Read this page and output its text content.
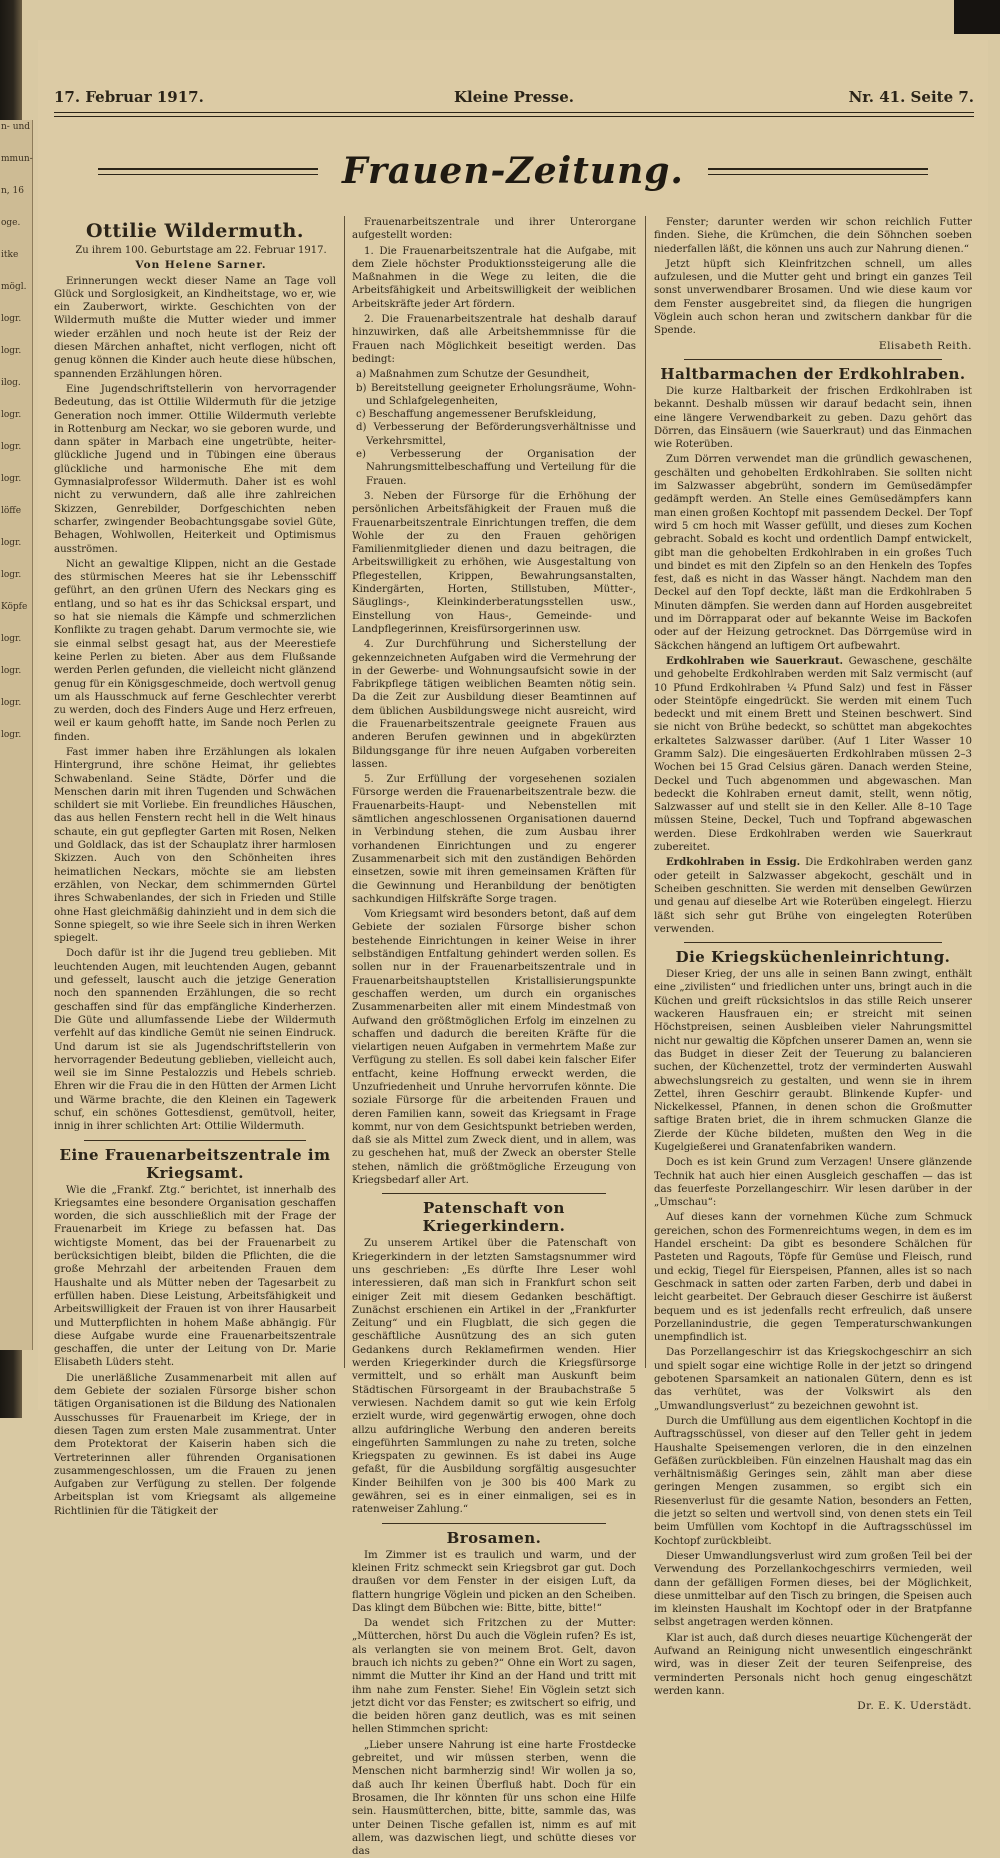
17. Februar 1917.	Kleine Presse.	Nr. 41. Seite 7.
Frauen-Zeitung.
Ottilie Wildermuth.

Zu ihrem 100. Geburtstage am 22. Februar 1917.

Von Helene Sarner.

Erinnerungen weckt dieser Name an Tage voll Glück und Sorglosigkeit, an Kindheitstage, wo er, wie ein Zauberwort, wirkte. Geschichten von der Wildermuth mußte die Mutter wieder und immer wieder erzählen und noch heute ist der Reiz der diesen Märchen anhaftet, nicht verflogen, nicht oft genug können die Kinder auch heute diese hübschen, spannenden Erzählungen hören.

Eine Jugendschriftstellerin von hervorragender Bedeutung, das ist Ottilie Wildermuth für die jetzige Generation noch immer. Ottilie Wildermuth verlebte in Rottenburg am Neckar, wo sie geboren wurde, und dann später in Marbach eine ungetrübte, heiter-glückliche Jugend und in Tübingen eine überaus glückliche und harmonische Ehe mit dem Gymnasialprofessor Wildermuth. Daher ist es wohl nicht zu verwundern, daß alle ihre zahlreichen Skizzen, Genrebilder, Dorfgeschichten neben scharfer, zwingender Beobachtungsgabe soviel Güte, Behagen, Wohlwollen, Heiterkeit und Optimismus ausströmen.

Nicht an gewaltige Klippen, nicht an die Gestade des stürmischen Meeres hat sie ihr Lebensschiff geführt, an den grünen Ufern des Neckars ging es entlang, und so hat es ihr das Schicksal erspart, und so hat sie niemals die Kämpfe und schmerzlichen Konflikte zu tragen gehabt. Darum vermochte sie, wie sie einmal selbst gesagt hat, aus der Meerestiefe keine Perlen zu bieten. Aber aus dem Flußsande werden Perlen gefunden, die vielleicht nicht glänzend genug für ein Königsgeschmeide, doch wertvoll genug um als Hausschmuck auf ferne Geschlechter vererbt zu werden, doch des Finders Auge und Herz erfreuen, weil er kaum gehofft hatte, im Sande noch Perlen zu finden.

Fast immer haben ihre Erzählungen als lokalen Hintergrund, ihre schöne Heimat, ihr geliebtes Schwabenland. Seine Städte, Dörfer und die Menschen darin mit ihren Tugenden und Schwächen schildert sie mit Vorliebe. Ein freundliches Häuschen, das aus hellen Fenstern recht hell in die Welt hinaus schaute, ein gut gepflegter Garten mit Rosen, Nelken und Goldlack, das ist der Schauplatz ihrer harmlosen Skizzen. Auch von den Schönheiten ihres heimatlichen Neckars, möchte sie am liebsten erzählen, von Neckar, dem schimmernden Gürtel ihres Schwabenlandes, der sich in Frieden und Stille ohne Hast gleichmäßig dahinzieht und in dem sich die Sonne spiegelt, so wie ihre Seele sich in ihren Werken spiegelt.

Doch dafür ist ihr die Jugend treu geblieben. Mit leuchtenden Augen, mit leuchtenden Augen, gebannt und gefesselt, lauscht auch die jetzige Generation noch den spannenden Erzählungen, die so recht geschaffen sind für das empfängliche Kinderherzen. Die Güte und allumfassende Liebe der Wildermuth verfehlt auf das kindliche Gemüt nie seinen Eindruck. Und darum ist sie als Jugendschriftstellerin von hervorragender Bedeutung geblieben, vielleicht auch, weil sie im Sinne Pestalozzis und Hebels schrieb. Ehren wir die Frau die in den Hütten der Armen Licht und Wärme brachte, die den Kleinen ein Tagewerk schuf, ein schönes Gottesdienst, gemütvoll, heiter, innig in ihrer schlichten Art: Ottilie Wildermuth.

Eine Frauenarbeitszentrale im Kriegsamt.

Wie die „Frankf. Ztg.“ berichtet, ist innerhalb des Kriegsamtes eine besondere Organisation geschaffen worden, die sich ausschließlich mit der Frage der Frauenarbeit im Kriege zu befassen hat. Das wichtigste Moment, das bei der Frauenarbeit zu berücksichtigen bleibt, bilden die Pflichten, die die große Mehrzahl der arbeitenden Frauen dem Haushalte und als Mütter neben der Tagesarbeit zu erfüllen haben. Diese Leistung, Arbeitsfähigkeit und Arbeitswilligkeit der Frauen ist von ihrer Hausarbeit und Mutterpflichten in hohem Maße abhängig. Für diese Aufgabe wurde eine Frauenarbeitszentrale geschaffen, die unter der Leitung von Dr. Marie Elisabeth Lüders steht.

Die unerläßliche Zusammenarbeit mit allen auf dem Gebiete der sozialen Fürsorge bisher schon tätigen Organisationen ist die Bildung des Nationalen Ausschusses für Frauenarbeit im Kriege, der in diesen Tagen zum ersten Male zusammentrat. Unter dem Protektorat der Kaiserin haben sich die Vertreterinnen aller führenden Organisationen zusammengeschlossen, um die Frauen zu jenen Aufgaben zur Verfügung zu stellen. Der folgende Arbeitsplan ist vom Kriegsamt als allgemeine Richtlinien für die Tätigkeit der

Frauenarbeitszentrale und ihrer Unterorgane aufgestellt worden:

1. Die Frauenarbeitszentrale hat die Aufgabe, mit dem Ziele höchster Produktionssteigerung alle die Maßnahmen in die Wege zu leiten, die die Arbeitsfähigkeit und Arbeitswilligkeit der weiblichen Arbeitskräfte jeder Art fördern.

2. Die Frauenarbeitszentrale hat deshalb darauf hinzuwirken, daß alle Arbeitshemmnisse für die Frauen nach Möglichkeit beseitigt werden. Das bedingt:

a) Maßnahmen zum Schutze der Gesundheit,
b) Bereitstellung geeigneter Erholungsräume, Wohn- und Schlafgelegenheiten,
c) Beschaffung angemessener Berufskleidung,
d) Verbesserung der Beförderungsverhältnisse und Verkehrsmittel,
e) Verbesserung der Organisation der Nahrungsmittelbeschaffung und Verteilung für die Frauen.

3. Neben der Fürsorge für die Erhöhung der persönlichen Arbeitsfähigkeit der Frauen muß die Frauenarbeitszentrale Einrichtungen treffen, die dem Wohle der zu den Frauen gehörigen Familienmitglieder dienen und dazu beitragen, die Arbeitswilligkeit zu erhöhen, wie Ausgestaltung von Pflegestellen, Krippen, Bewahrungsanstalten, Kindergärten, Horten, Stillstuben, Mütter-, Säuglings-, Kleinkinderberatungsstellen usw., Einstellung von Haus-, Gemeinde- und Landpflegerinnen, Kreisfürsorgerinnen usw.

4. Zur Durchführung und Sicherstellung der gekennzeichneten Aufgaben wird die Vermehrung der in der Gewerbe- und Wohnungsaufsicht sowie in der Fabrikpflege tätigen weiblichen Beamten nötig sein. Da die Zeit zur Ausbildung dieser Beamtinnen auf dem üblichen Ausbildungswege nicht ausreicht, wird die Frauenarbeitszentrale geeignete Frauen aus anderen Berufen gewinnen und in abgekürzten Bildungsgange für ihre neuen Aufgaben vorbereiten lassen.

5. Zur Erfüllung der vorgesehenen sozialen Fürsorge werden die Frauenarbeitszentrale bezw. die Frauenarbeits-Haupt- und Nebenstellen mit sämtlichen angeschlossenen Organisationen dauernd in Verbindung stehen, die zum Ausbau ihrer vorhandenen Einrichtungen und zu engerer Zusammenarbeit sich mit den zuständigen Behörden einsetzen, sowie mit ihren gemeinsamen Kräften für die Gewinnung und Heranbildung der benötigten sachkundigen Hilfskräfte Sorge tragen.

Vom Kriegsamt wird besonders betont, daß auf dem Gebiete der sozialen Fürsorge bisher schon bestehende Einrichtungen in keiner Weise in ihrer selbständigen Entfaltung gehindert werden sollen. Es sollen nur in der Frauenarbeitszentrale und in Frauenarbeitshauptstellen Kristallisierungspunkte geschaffen werden, um durch ein organisches Zusammenarbeiten aller mit einem Mindestmaß von Aufwand den größtmöglichen Erfolg im einzelnen zu schaffen und dadurch die bereiten Kräfte für die vielartigen neuen Aufgaben in vermehrtem Maße zur Verfügung zu stellen. Es soll dabei kein falscher Eifer entfacht, keine Hoffnung erweckt werden, die Unzufriedenheit und Unruhe hervorrufen könnte. Die soziale Fürsorge für die arbeitenden Frauen und deren Familien kann, soweit das Kriegsamt in Frage kommt, nur von dem Gesichtspunkt betrieben werden, daß sie als Mittel zum Zweck dient, und in allem, was zu geschehen hat, muß der Zweck an oberster Stelle stehen, nämlich die größtmögliche Erzeugung von Kriegsbedarf aller Art.

Patenschaft von Kriegerkindern.

Zu unserem Artikel über die Patenschaft von Kriegerkindern in der letzten Samstagsnummer wird uns geschrieben: „Es dürfte Ihre Leser wohl interessieren, daß man sich in Frankfurt schon seit einiger Zeit mit diesem Gedanken beschäftigt. Zunächst erschienen ein Artikel in der „Frankfurter Zeitung“ und ein Flugblatt, die sich gegen die geschäftliche Ausnützung des an sich guten Gedankens durch Reklamefirmen wenden. Hier werden Kriegerkinder durch die Kriegsfürsorge vermittelt, und so erhält man Auskunft beim Städtischen Fürsorgeamt in der Braubachstraße 5 verwiesen. Nachdem damit so gut wie kein Erfolg erzielt wurde, wird gegenwärtig erwogen, ohne doch allzu aufdringliche Werbung den anderen bereits eingeführten Sammlungen zu nahe zu treten, solche Kriegspaten zu gewinnen. Es ist dabei ins Auge gefaßt, für die Ausbildung sorgfältig ausgesuchter Kinder Beihilfen von je 300 bis 400 Mark zu gewähren, sei es in einer einmaligen, sei es in ratenweiser Zahlung.“

Brosamen.

Im Zimmer ist es traulich und warm, und der kleinen Fritz schmeckt sein Kriegsbrot gar gut. Doch draußen vor dem Fenster in der eisigen Luft, da flattern hungrige Vöglein und picken an den Scheiben. Das klingt dem Bübchen wie: Bitte, bitte, bitte!“

Da wendet sich Fritzchen zu der Mutter: „Mütterchen, hörst Du auch die Vöglein rufen? Es ist, als verlangten sie von meinem Brot. Gelt, davon brauch ich nichts zu geben?“ Ohne ein Wort zu sagen, nimmt die Mutter ihr Kind an der Hand und tritt mit ihm nahe zum Fenster. Siehe! Ein Vöglein setzt sich jetzt dicht vor das Fenster; es zwitschert so eifrig, und die beiden hören ganz deutlich, was es mit seinen hellen Stimmchen spricht:

„Lieber unsere Nahrung ist eine harte Frostdecke gebreitet, und wir müssen sterben, wenn die Menschen nicht barmherzig sind! Wir wollen ja so, daß auch Ihr keinen Überfluß habt. Doch für ein Brosamen, die Ihr könnten für uns schon eine Hilfe sein. Hausmütterchen, bitte, bitte, sammle das, was unter Deinen Tische gefallen ist, nimm es auf mit allem, was dazwischen liegt, und schütte dieses vor das

Fenster; darunter werden wir schon reichlich Futter finden. Siehe, die Krümchen, die dein Söhnchen soeben niederfallen läßt, die können uns auch zur Nahrung dienen.“

Jetzt hüpft sich Kleinfritzchen schnell, um alles aufzulesen, und die Mutter geht und bringt ein ganzes Teil sonst unverwendbarer Brosamen. Und wie diese kaum vor dem Fenster ausgebreitet sind, da fliegen die hungrigen Vöglein auch schon heran und zwitschern dankbar für die Spende.

Elisabeth Reith.

Haltbarmachen der Erdkohlraben.

Die kurze Haltbarkeit der frischen Erdkohlraben ist bekannt. Deshalb müssen wir darauf bedacht sein, ihnen eine längere Verwendbarkeit zu geben. Dazu gehört das Dörren, das Einsäuern (wie Sauerkraut) und das Einmachen wie Roterüben.

Zum Dörren verwendet man die gründlich gewaschenen, geschälten und gehobelten Erdkohlraben. Sie sollten nicht im Salzwasser abgebrüht, sondern im Gemüsedämpfer gedämpft werden. An Stelle eines Gemüsedämpfers kann man einen großen Kochtopf mit passendem Deckel. Der Topf wird 5 cm hoch mit Wasser gefüllt, und dieses zum Kochen gebracht. Sobald es kocht und ordentlich Dampf entwickelt, gibt man die gehobelten Erdkohlraben in ein großes Tuch und bindet es mit den Zipfeln so an den Henkeln des Topfes fest, daß es nicht in das Wasser hängt. Nachdem man den Deckel auf den Topf deckte, läßt man die Erdkohlraben 5 Minuten dämpfen. Sie werden dann auf Horden ausgebreitet und im Dörrapparat oder auf bekannte Weise im Backofen oder auf der Heizung getrocknet. Das Dörrgemüse wird in Säckchen hängend an luftigem Ort aufbewahrt.

Erdkohlraben wie Sauerkraut. Gewaschene, geschälte und gehobelte Erdkohlraben werden mit Salz vermischt (auf 10 Pfund Erdkohlraben ¼ Pfund Salz) und fest in Fässer oder Steintöpfe eingedrückt. Sie werden mit einem Tuch bedeckt und mit einem Brett und Steinen beschwert. Sind sie nicht von Brühe bedeckt, so schüttet man abgekochtes erkaltetes Salzwasser darüber. (Auf 1 Liter Wasser 10 Gramm Salz). Die eingesäuerten Erdkohlraben müssen 2–3 Wochen bei 15 Grad Celsius gären. Danach werden Steine, Deckel und Tuch abgenommen und abgewaschen. Man bedeckt die Kohlraben erneut damit, stellt, wenn nötig, Salzwasser auf und stellt sie in den Keller. Alle 8–10 Tage müssen Steine, Deckel, Tuch und Topfrand abgewaschen werden. Diese Erdkohlraben werden wie Sauerkraut zubereitet.

Erdkohlraben in Essig. Die Erdkohlraben werden ganz oder geteilt in Salzwasser abgekocht, geschält und in Scheiben geschnitten. Sie werden mit denselben Gewürzen und genau auf dieselbe Art wie Roterüben eingelegt. Hierzu läßt sich sehr gut Brühe von eingelegten Roterüben verwenden.

Die Kriegsküchenleinrichtung.

Dieser Krieg, der uns alle in seinen Bann zwingt, enthält eine „zivilisten“ und friedlichen unter uns, bringt auch in die Küchen und greift rücksichtslos in das stille Reich unserer wackeren Hausfrauen ein; er streicht mit seinen Höchstpreisen, seinen Ausbleiben vieler Nahrungsmittel nicht nur gewaltig die Köpfchen unserer Damen an, wenn sie das Budget in dieser Zeit der Teuerung zu balancieren suchen, der Küchenzettel, trotz der verminderten Auswahl abwechslungsreich zu gestalten, und wenn sie in ihrem Zettel, ihren Geschirr geraubt. Blinkende Kupfer- und Nickelkessel, Pfannen, in denen schon die Großmutter saftige Braten briet, die in ihrem schmucken Glanze die Zierde der Küche bildeten, mußten den Weg in die Kugelgießerei und Granatenfabriken wandern.

Doch es ist kein Grund zum Verzagen! Unsere glänzende Technik hat auch hier einen Ausgleich geschaffen — das ist das feuerfeste Porzellangeschirr. Wir lesen darüber in der „Umschau“:

Auf dieses kann der vornehmen Küche zum Schmuck gereichen, schon des Formenreichtums wegen, in dem es im Handel erscheint: Da gibt es besondere Schälchen für Pasteten und Ragouts, Töpfe für Gemüse und Fleisch, rund und eckig, Tiegel für Eierspeisen, Pfannen, alles ist so nach Geschmack in satten oder zarten Farben, derb und dabei in leicht gearbeitet. Der Gebrauch dieser Geschirre ist äußerst bequem und es ist jedenfalls recht erfreulich, daß unsere Porzellanindustrie, die gegen Temperaturschwankungen unempfindlich ist.

Das Porzellangeschirr ist das Kriegskochgeschirr an sich und spielt sogar eine wichtige Rolle in der jetzt so dringend gebotenen Sparsamkeit an nationalen Gütern, denn es ist das verhütet, was der Volkswirt als den „Umwandlungsverlust“ zu bezeichnen gewohnt ist.

Durch die Umfüllung aus dem eigentlichen Kochtopf in die Auftragsschüssel, von dieser auf den Teller geht in jedem Haushalte Speisemengen verloren, die in den einzelnen Gefäßen zurückbleiben. Fün einzelnen Haushalt mag das ein verhältnismäßig Geringes sein, zählt man aber diese geringen Mengen zusammen, so ergibt sich ein Riesenverlust für die gesamte Nation, besonders an Fetten, die jetzt so selten und wertvoll sind, von denen stets ein Teil beim Umfüllen vom Kochtopf in die Auftragsschüssel im Kochtopf zurückbleibt.

Dieser Umwandlungsverlust wird zum großen Teil bei der Verwendung des Porzellankochgeschirrs vermieden, weil dann der gefälligen Formen dieses, bei der Möglichkeit, diese unmittelbar auf den Tisch zu bringen, die Speisen auch im kleinsten Haushalt im Kochtopf oder in der Bratpfanne selbst angetragen werden können.

Klar ist auch, daß durch dieses neuartige Küchengerät der Aufwand an Reinigung nicht unwesentlich eingeschränkt wird, was in dieser Zeit der teuren Seifenpreise, des verminderten Personals nicht hoch genug eingeschätzt werden kann.

Dr. E. K. Uderstädt.

n- und
mmun-
n, 16
oge.
itke
mögl.
logr.
logr.
ilog.
logr.
logr.
logr.
löffe
logr.
logr.
Köpfe
logr.
logr.
logr.
logr.
